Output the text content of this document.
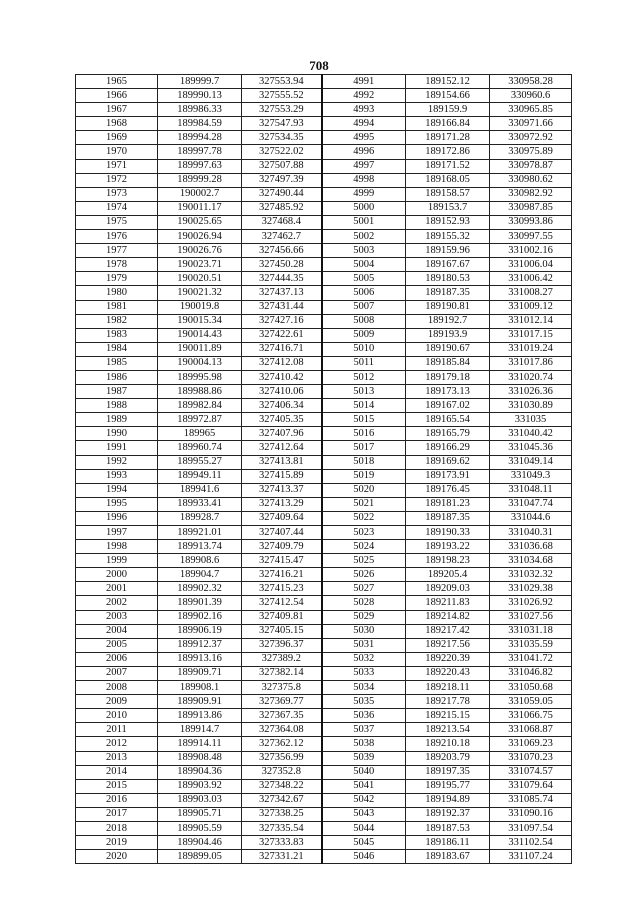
708
1965	189999.7	327553.94	4991	189152.12	330958.28
1966	189990.13	327555.52	4992	189154.66	330960.6
1967	189986.33	327553.29	4993	189159.9	330965.85
1968	189984.59	327547.93	4994	189166.84	330971.66
1969	189994.28	327534.35	4995	189171.28	330972.92
1970	189997.78	327522.02	4996	189172.86	330975.89
1971	189997.63	327507.88	4997	189171.52	330978.87
1972	189999.28	327497.39	4998	189168.05	330980.62
1973	190002.7	327490.44	4999	189158.57	330982.92
1974	190011.17	327485.92	5000	189153.7	330987.85
1975	190025.65	327468.4	5001	189152.93	330993.86
1976	190026.94	327462.7	5002	189155.32	330997.55
1977	190026.76	327456.66	5003	189159.96	331002.16
1978	190023.71	327450.28	5004	189167.67	331006.04
1979	190020.51	327444.35	5005	189180.53	331006.42
1980	190021.32	327437.13	5006	189187.35	331008.27
1981	190019.8	327431.44	5007	189190.81	331009.12
1982	190015.34	327427.16	5008	189192.7	331012.14
1983	190014.43	327422.61	5009	189193.9	331017.15
1984	190011.89	327416.71	5010	189190.67	331019.24
1985	190004.13	327412.08	5011	189185.84	331017.86
1986	189995.98	327410.42	5012	189179.18	331020.74
1987	189988.86	327410.06	5013	189173.13	331026.36
1988	189982.84	327406.34	5014	189167.02	331030.89
1989	189972.87	327405.35	5015	189165.54	331035
1990	189965	327407.96	5016	189165.79	331040.42
1991	189960.74	327412.64	5017	189166.29	331045.36
1992	189955.27	327413.81	5018	189169.62	331049.14
1993	189949.11	327415.89	5019	189173.91	331049.3
1994	189941.6	327413.37	5020	189176.45	331048.11
1995	189933.41	327413.29	5021	189181.23	331047.74
1996	189928.7	327409.64	5022	189187.35	331044.6
1997	189921.01	327407.44	5023	189190.33	331040.31
1998	189913.74	327409.79	5024	189193.22	331036.68
1999	189908.6	327415.47	5025	189198.23	331034.68
2000	189904.7	327416.21	5026	189205.4	331032.32
2001	189902.32	327415.23	5027	189209.03	331029.38
2002	189901.39	327412.54	5028	189211.83	331026.92
2003	189902.16	327409.81	5029	189214.82	331027.56
2004	189906.19	327405.15	5030	189217.42	331031.18
2005	189912.37	327396.37	5031	189217.56	331035.59
2006	189913.16	327389.2	5032	189220.39	331041.72
2007	189909.71	327382.14	5033	189220.43	331046.82
2008	189908.1	327375.8	5034	189218.11	331050.68
2009	189909.91	327369.77	5035	189217.78	331059.05
2010	189913.86	327367.35	5036	189215.15	331066.75
2011	189914.7	327364.08	5037	189213.54	331068.87
2012	189914.11	327362.12	5038	189210.18	331069.23
2013	189908.48	327356.99	5039	189203.79	331070.23
2014	189904.36	327352.8	5040	189197.35	331074.57
2015	189903.92	327348.22	5041	189195.77	331079.64
2016	189903.03	327342.67	5042	189194.89	331085.74
2017	189905.71	327338.25	5043	189192.37	331090.16
2018	189905.59	327335.54	5044	189187.53	331097.54
2019	189904.46	327333.83	5045	189186.11	331102.54
2020	189899.05	327331.21	5046	189183.67	331107.24
